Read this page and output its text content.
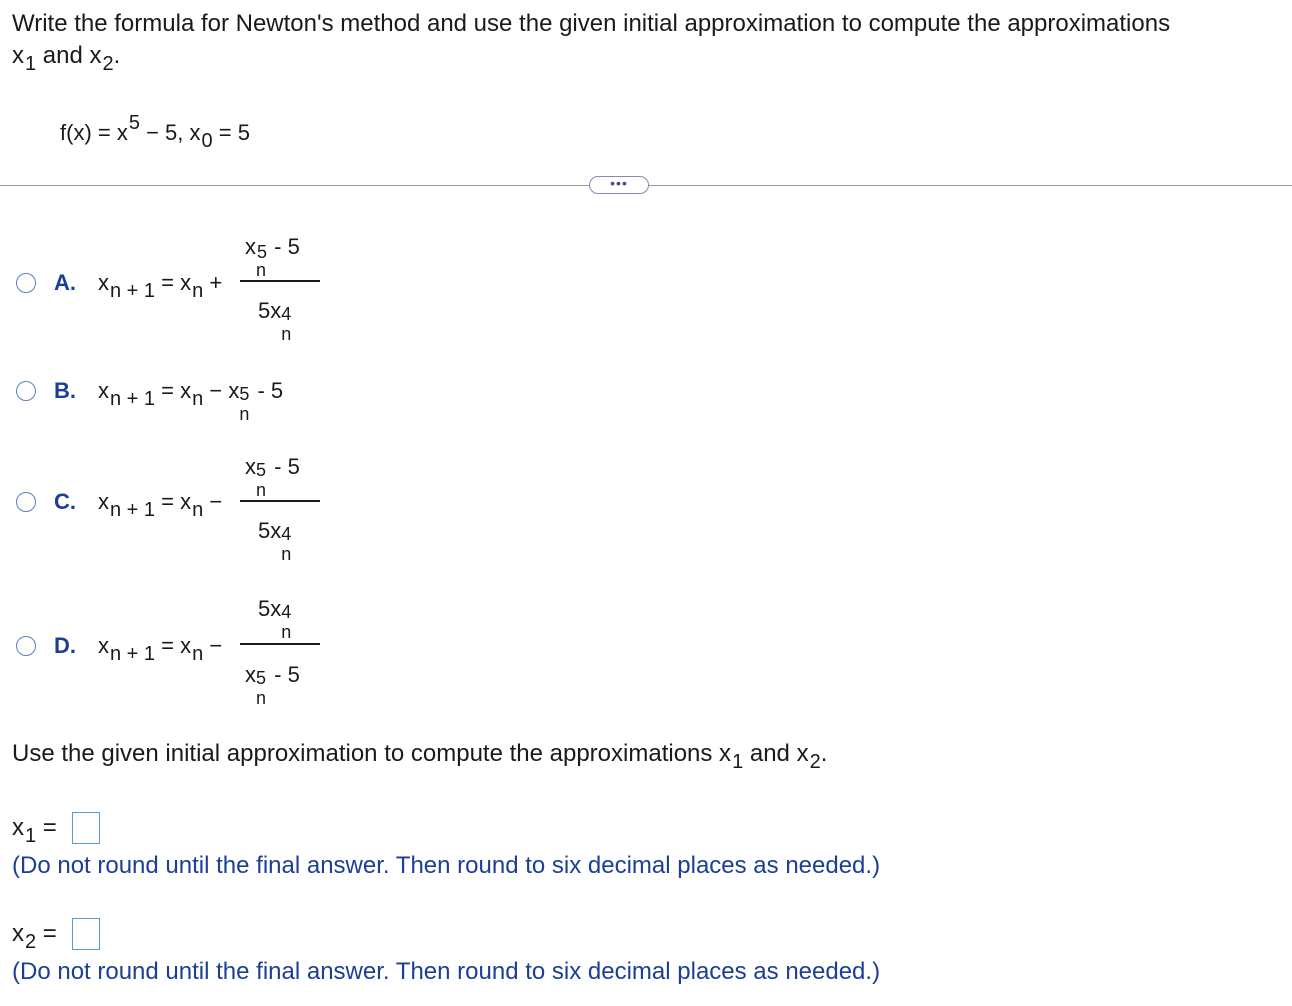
Write the formula for Newton's method and use the given initial approximation to compute the approximations
$x_1$ and $x_2$.
f(x) = x5 − 5, x0 = 5
•••
A. xn + 1 = xn +
x 5
n
- 5
5x 4
n
B. xn + 1 = xn − x 5
n
- 5
C. xn + 1 = xn −
x 5
n
- 5
5x 4
n
D. xn + 1 = xn −
5x 4
n
x 5
n
- 5
Use the given initial approximation to compute the approximations $x_1$ and $x_2$.
$x_1$ =
(Do not round until the final answer. Then round to six decimal places as needed.)
$x_2$ =
(Do not round until the final answer. Then round to six decimal places as needed.)
